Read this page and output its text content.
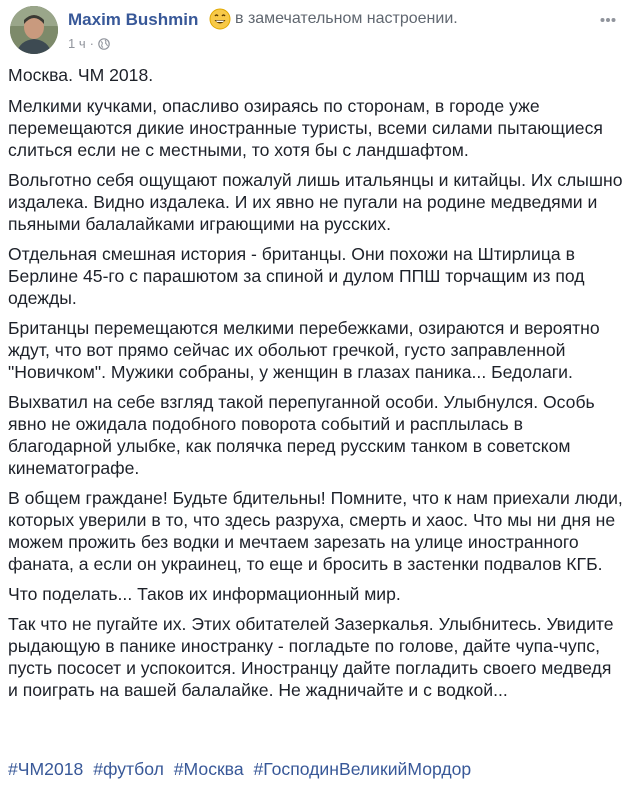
Maxim Bushmin в замечательном настроении.
1 ч ·

Москва. ЧМ 2018.

Мелкими кучками, опасливо озираясь по сторонам, в городе уже перемещаются дикие иностранные туристы, всеми силами пытающиеся слиться если не с местными, то хотя бы с ландшафтом.

Вольготно себя ощущают пожалуй лишь итальянцы и китайцы. Их слышно издалека. Видно издалека. И их явно не пугали на родине медведями и пьяными балалайками играющими на русских.

Отдельная смешная история - британцы. Они похожи на Штирлица в Берлине 45-го с парашютом за спиной и дулом ППШ торчащим из под одежды.

Британцы перемещаются мелкими перебежками, озираются и вероятно ждут, что вот прямо сейчас их обольют гречкой, густо заправленной "Новичком". Мужики собраны, у женщин в глазах паника... Бедолаги.

Выхватил на себе взгляд такой перепуганной особи. Улыбнулся. Особь явно не ожидала подобного поворота событий и расплылась в благодарной улыбке, как полячка перед русским танком в советском кинематографе.

В общем граждане! Будьте бдительны! Помните, что к нам приехали люди, которых уверили в то, что здесь разруха, смерть и хаос. Что мы ни дня не можем прожить без водки и мечтаем зарезать на улице иностранного фаната, а если он украинец, то еще и бросить в застенки подвалов КГБ.

Что поделать... Таков их информационный мир.

Так что не пугайте их. Этих обитателей Зазеркалья. Улыбнитесь. Увидите рыдающую в панике иностранку - погладьте по голове, дайте чупа-чупс, пусть пососет и успокоится. Иностранцу дайте погладить своего медведя и поиграть на вашей балалайке. Не жадничайте и с водкой...

#ЧМ2018 #футбол #Москва #ГосподинВеликийМордор
